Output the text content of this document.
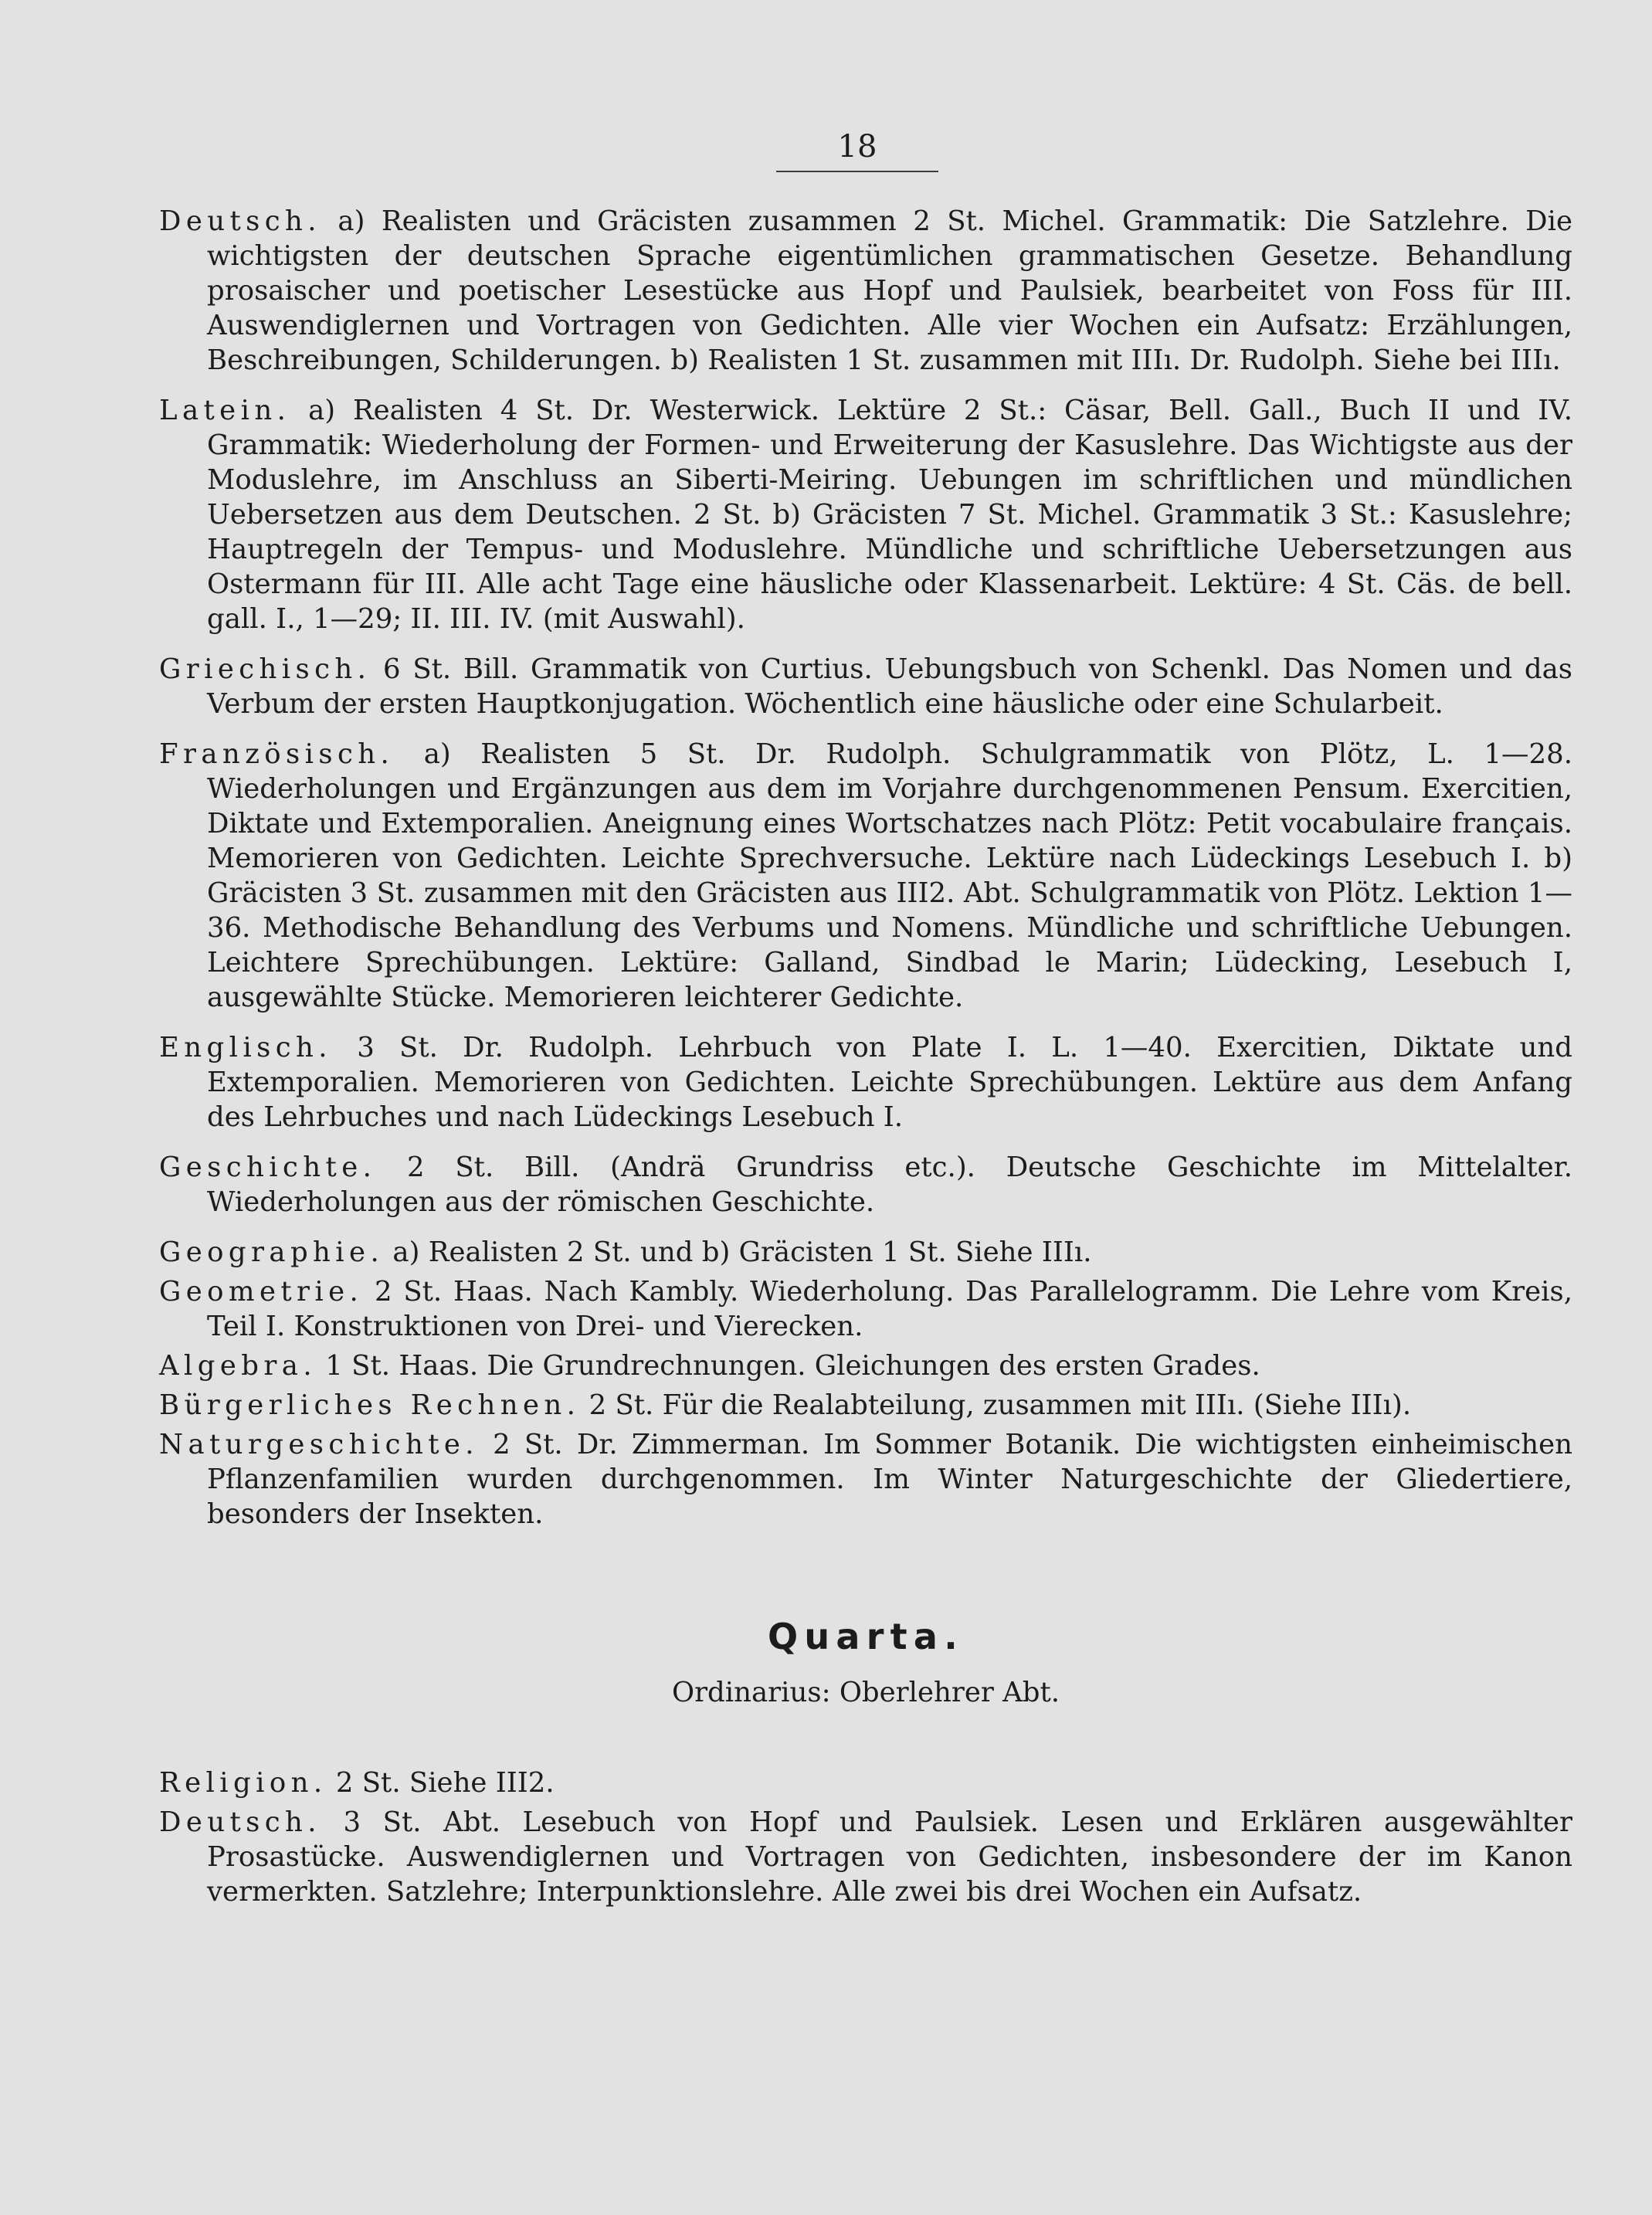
18
Deutsch. a) Realisten und Gräcisten zusammen 2 St. Michel. Grammatik: Die Satzlehre. Die wichtigsten der deutschen Sprache eigentümlichen grammatischen Gesetze. Behandlung prosaischer und poetischer Lesestücke aus Hopf und Paulsiek, bearbeitet von Foss für III. Auswendiglernen und Vortragen von Gedichten. Alle vier Wochen ein Aufsatz: Erzählungen, Beschreibungen, Schilderungen. b) Realisten 1 St. zusammen mit IIIı. Dr. Rudolph. Siehe bei IIIı.
Latein. a) Realisten 4 St. Dr. Westerwick. Lektüre 2 St.: Cäsar, Bell. Gall., Buch II und IV. Grammatik: Wiederholung der Formen- und Erweiterung der Kasuslehre. Das Wichtigste aus der Moduslehre, im Anschluss an Siberti-Meiring. Uebungen im schriftlichen und mündlichen Uebersetzen aus dem Deutschen. 2 St. b) Gräcisten 7 St. Michel. Grammatik 3 St.: Kasuslehre; Hauptregeln der Tempus- und Moduslehre. Mündliche und schriftliche Uebersetzungen aus Ostermann für III. Alle acht Tage eine häusliche oder Klassenarbeit. Lektüre: 4 St. Cäs. de bell. gall. I., 1—29; II. III. IV. (mit Auswahl).
Griechisch. 6 St. Bill. Grammatik von Curtius. Uebungsbuch von Schenkl. Das Nomen und das Verbum der ersten Hauptkonjugation. Wöchentlich eine häusliche oder eine Schularbeit.
Französisch. a) Realisten 5 St. Dr. Rudolph. Schulgrammatik von Plötz, L. 1—28. Wiederholungen und Ergänzungen aus dem im Vorjahre durchgenommenen Pensum. Exercitien, Diktate und Extemporalien. Aneignung eines Wortschatzes nach Plötz: Petit vocabulaire français. Memorieren von Gedichten. Leichte Sprechversuche. Lektüre nach Lüdeckings Lesebuch I. b) Gräcisten 3 St. zusammen mit den Gräcisten aus III2. Abt. Schulgrammatik von Plötz. Lektion 1—36. Methodische Behandlung des Verbums und Nomens. Mündliche und schriftliche Uebungen. Leichtere Sprechübungen. Lektüre: Galland, Sindbad le Marin; Lüdecking, Lesebuch I, ausgewählte Stücke. Memorieren leichterer Gedichte.
Englisch. 3 St. Dr. Rudolph. Lehrbuch von Plate I. L. 1—40. Exercitien, Diktate und Extemporalien. Memorieren von Gedichten. Leichte Sprechübungen. Lektüre aus dem Anfang des Lehrbuches und nach Lüdeckings Lesebuch I.
Geschichte. 2 St. Bill. (Andrä Grundriss etc.). Deutsche Geschichte im Mittelalter. Wiederholungen aus der römischen Geschichte.
Geographie. a) Realisten 2 St. und b) Gräcisten 1 St. Siehe IIIı.
Geometrie. 2 St. Haas. Nach Kambly. Wiederholung. Das Parallelogramm. Die Lehre vom Kreis, Teil I. Konstruktionen von Drei- und Vierecken.
Algebra. 1 St. Haas. Die Grundrechnungen. Gleichungen des ersten Grades.
Bürgerliches Rechnen. 2 St. Für die Realabteilung, zusammen mit IIIı. (Siehe IIIı).
Naturgeschichte. 2 St. Dr. Zimmerman. Im Sommer Botanik. Die wichtigsten einheimischen Pflanzenfamilien wurden durchgenommen. Im Winter Naturgeschichte der Gliedertiere, besonders der Insekten.
Quarta.
Ordinarius: Oberlehrer Abt.
Religion. 2 St. Siehe III2.
Deutsch. 3 St. Abt. Lesebuch von Hopf und Paulsiek. Lesen und Erklären ausgewählter Prosastücke. Auswendiglernen und Vortragen von Gedichten, insbesondere der im Kanon vermerkten. Satzlehre; Interpunktionslehre. Alle zwei bis drei Wochen ein Aufsatz.
